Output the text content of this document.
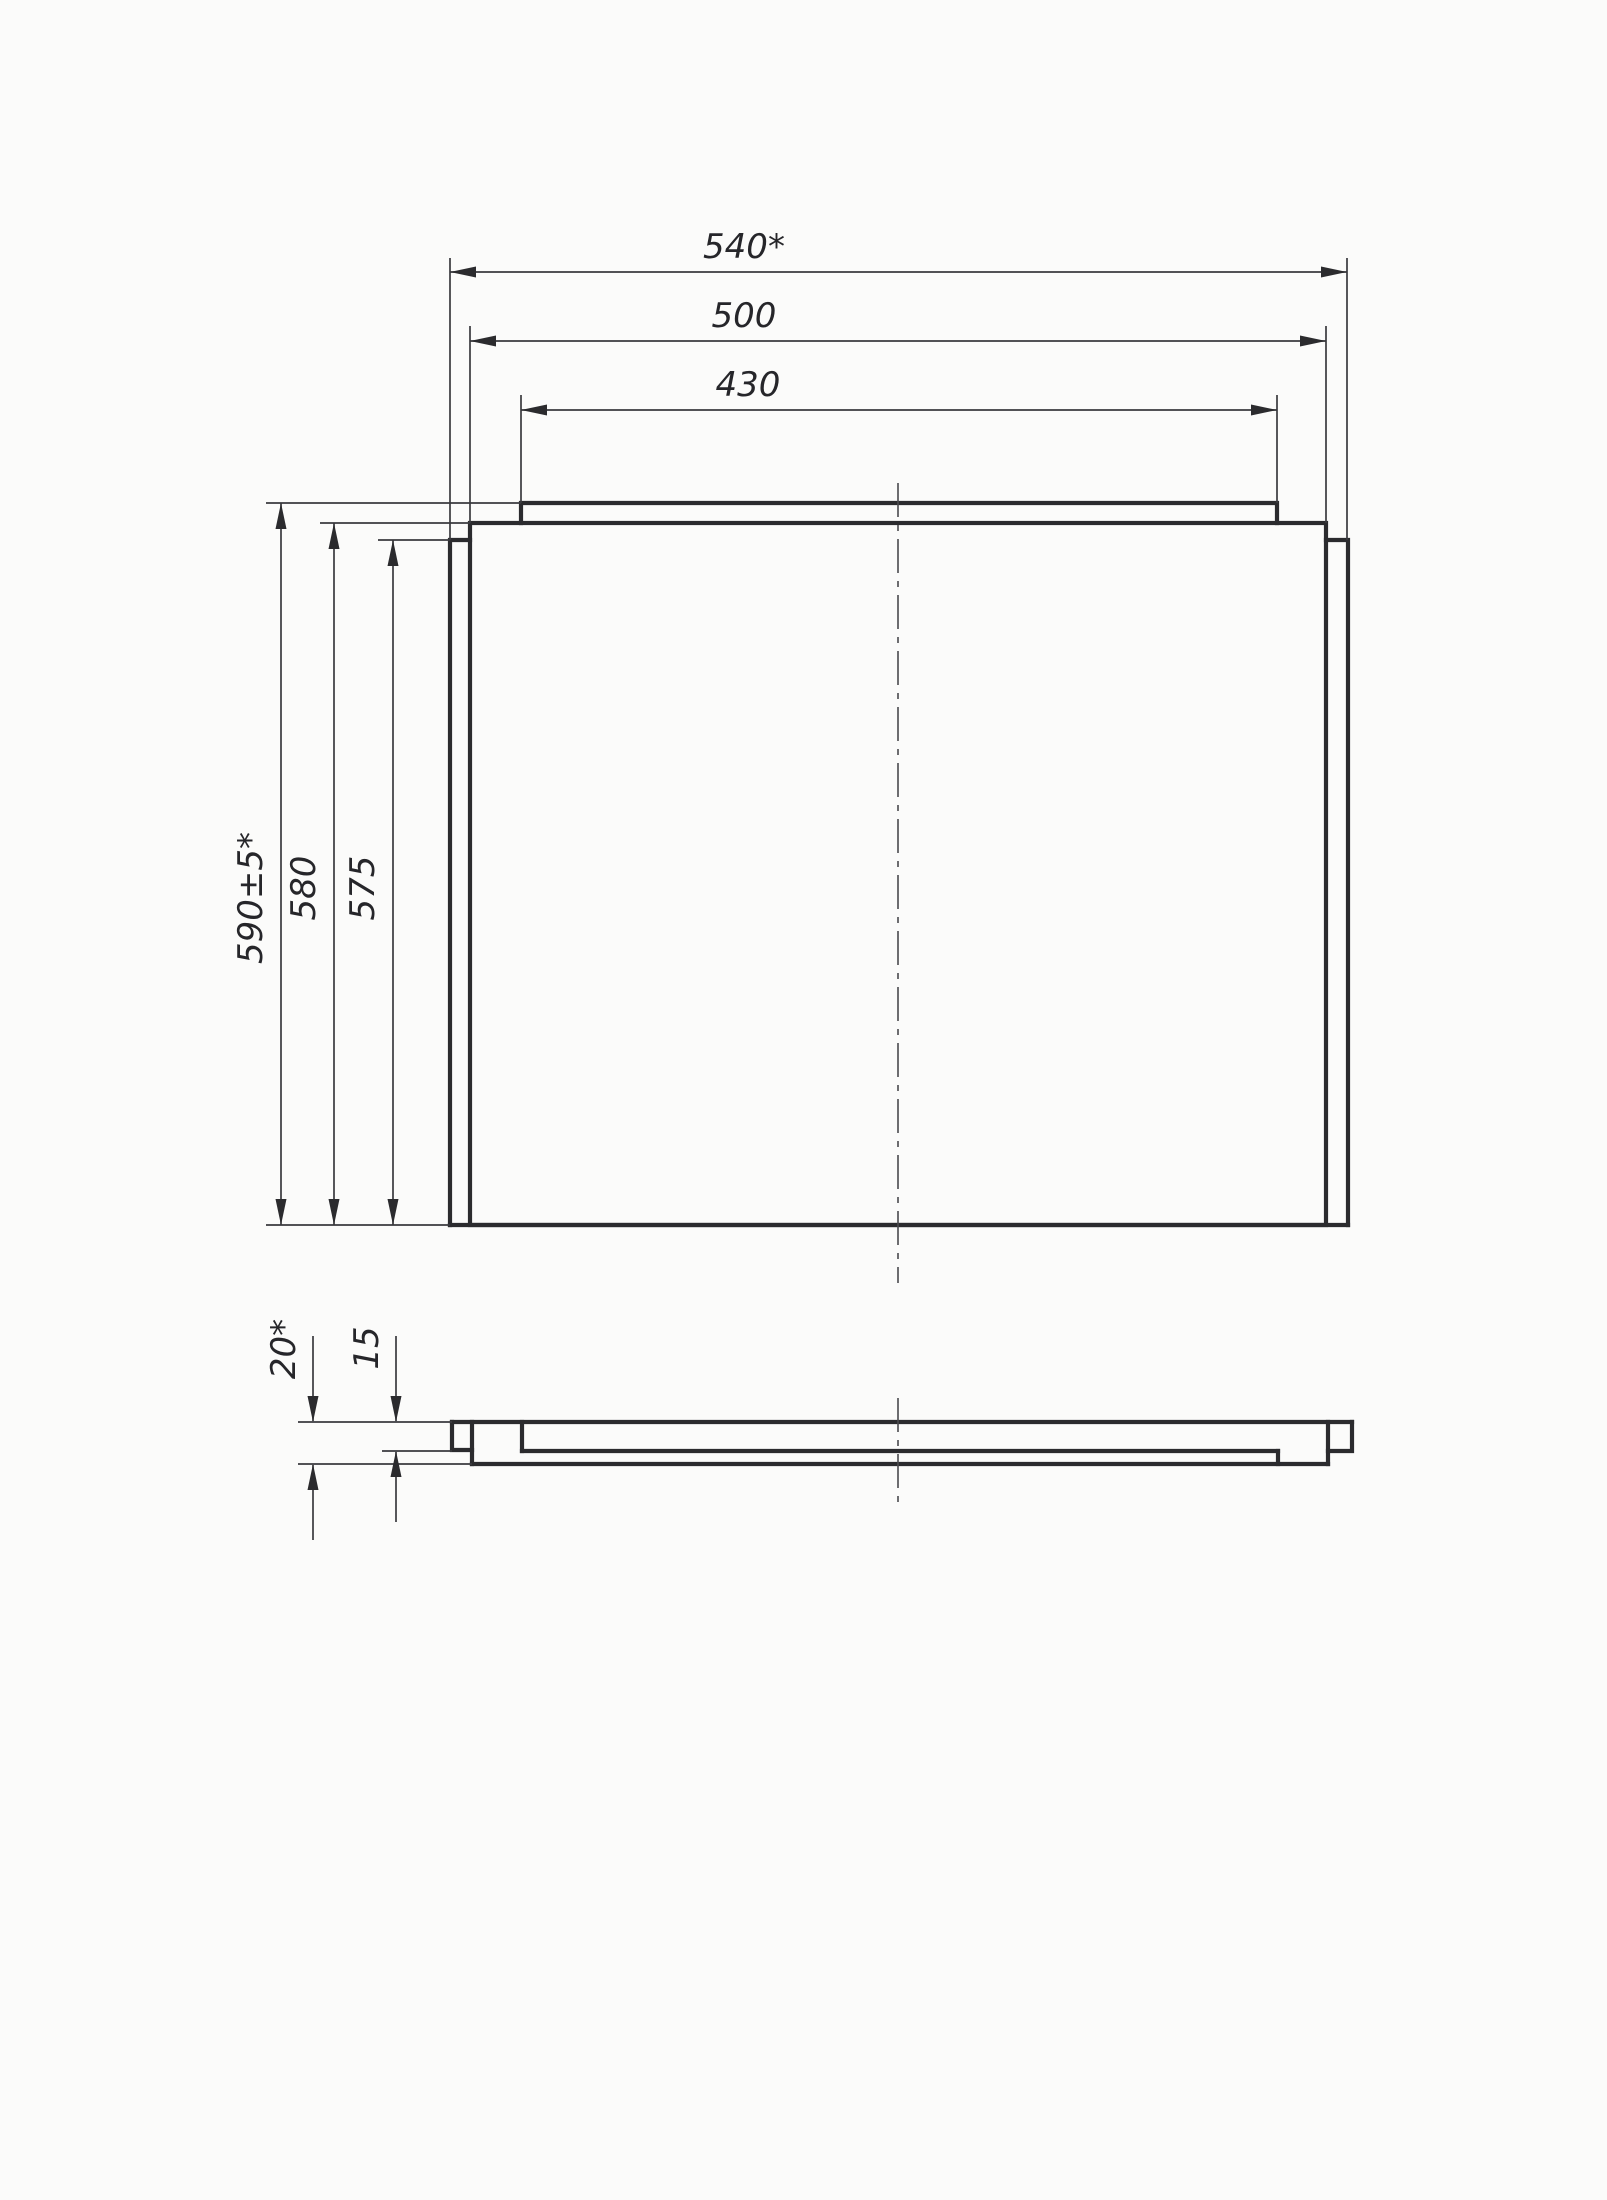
540*
500
430
590±5* 580 575
20* 15
